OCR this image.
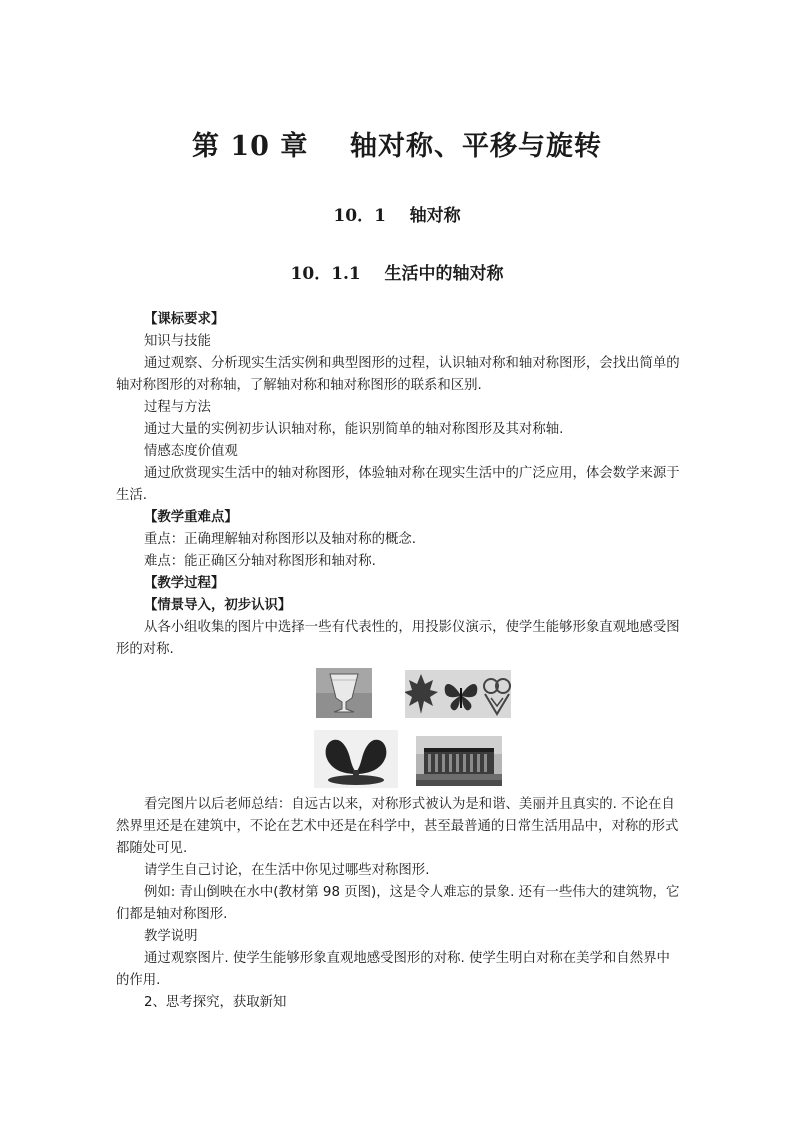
第 10 章    轴对称、平移与旋转
10．1    轴对称
10．1.1    生活中的轴对称

【课标要求】

知识与技能

通过观察、分析现实生活实例和典型图形的过程，认识轴对称和轴对称图形，会找出简单的轴对称图形的对称轴，了解轴对称和轴对称图形的联系和区别.

过程与方法

通过大量的实例初步认识轴对称，能识别简单的轴对称图形及其对称轴.

情感态度价值观

通过欣赏现实生活中的轴对称图形，体验轴对称在现实生活中的广泛应用，体会数学来源于生活.

【教学重难点】

重点：正确理解轴对称图形以及轴对称的概念.

难点：能正确区分轴对称图形和轴对称.

【教学过程】

【情景导入，初步认识】

从各小组收集的图片中选择一些有代表性的，用投影仪演示，使学生能够形象直观地感受图形的对称.

看完图片以后老师总结：自远古以来，对称形式被认为是和谐、美丽并且真实的. 不论在自然界里还是在建筑中，不论在艺术中还是在科学中，甚至最普通的日常生活用品中，对称的形式都随处可见.

请学生自己讨论，在生活中你见过哪些对称图形.

例如: 青山倒映在水中(教材第 98 页图)，这是令人难忘的景象. 还有一些伟大的建筑物，它们都是轴对称图形.

教学说明

通过观察图片. 使学生能够形象直观地感受图形的对称. 使学生明白对称在美学和自然界中的作用.

2、思考探究，获取新知
